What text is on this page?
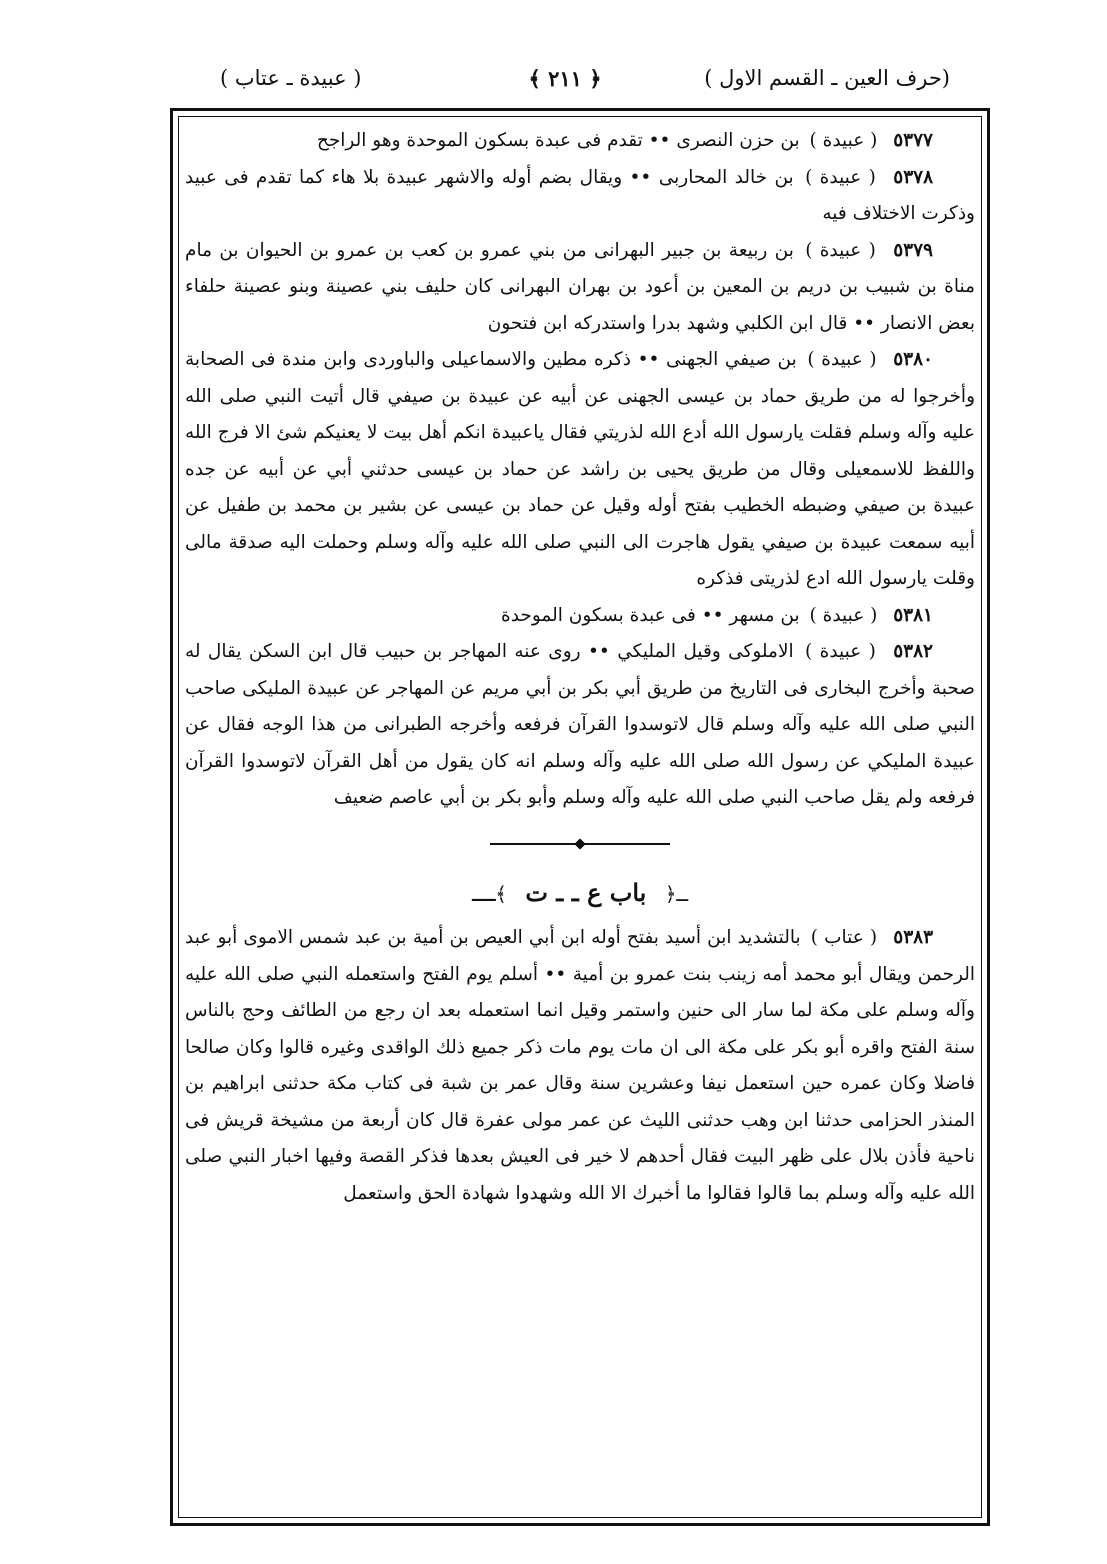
(حرف العين ـ القسم الاول )
﴿ ٢١١ ﴾
( عبيدة ـ عتاب )

٥٣٧٧ ( عبيدة ) بن حزن النصرى •• تقدم فى عبدة بسكون الموحدة وهو الراجح

٥٣٧٨ ( عبيدة ) بن خالد المحاربى •• ويقال بضم أوله والاشهر عبيدة بلا هاء كما تقدم فى عبيد وذكرت الاختلاف فيه

٥٣٧٩ ( عبيدة ) بن ربيعة بن جبير البهرانى من بني عمرو بن كعب بن عمرو بن الحيوان بن مام مناة بن شبيب بن دريم بن المعين بن أعود بن بهران البهرانى كان حليف بني عصينة وبنو عصينة حلفاء بعض الانصار •• قال ابن الكلبي وشهد بدرا واستدركه ابن فتحون

٥٣٨٠ ( عبيدة ) بن صيفي الجهنى •• ذكره مطين والاسماعيلى والباوردى وابن مندة فى الصحابة وأخرجوا له من طريق حماد بن عيسى الجهنى عن أبيه عن عبيدة بن صيفي قال أتيت النبي صلى الله عليه وآله وسلم فقلت يارسول الله أدع الله لذريتي فقال ياعبيدة انكم أهل بيت لا يعنيكم شئ الا فرج الله واللفظ للاسمعيلى وقال من طريق يحيى بن راشد عن حماد بن عيسى حدثني أبي عن أبيه عن جده عبيدة بن صيفي وضبطه الخطيب بفتح أوله وقيل عن حماد بن عيسى عن بشير بن محمد بن طفيل عن أبيه سمعت عبيدة بن صيفي يقول هاجرت الى النبي صلى الله عليه وآله وسلم وحملت اليه صدقة مالى وقلت يارسول الله ادع لذريتى فذكره

٥٣٨١ ( عبيدة ) بن مسهر •• فى عبدة بسكون الموحدة

٥٣٨٢ ( عبيدة ) الاملوكى وقيل المليكي •• روى عنه المهاجر بن حبيب قال ابن السكن يقال له صحبة وأخرج البخارى فى التاريخ من طريق أبي بكر بن أبي مريم عن المهاجر عن عبيدة المليكى صاحب النبي صلى الله عليه وآله وسلم قال لاتوسدوا القرآن فرفعه وأخرجه الطبرانى من هذا الوجه فقال عن عبيدة المليكي عن رسول الله صلى الله عليه وآله وسلم انه كان يقول من أهل القرآن لاتوسدوا القرآن فرفعه ولم يقل صاحب النبي صلى الله عليه وآله وسلم وأبو بكر بن أبي عاصم ضعيف

ــ﴿ باب ع ـ ـ ت ﴾ــ

٥٣٨٣ ( عتاب ) بالتشديد ابن أسيد بفتح أوله ابن أبي العيص بن أمية بن عبد شمس الاموى أبو عبد الرحمن ويقال أبو محمد أمه زينب بنت عمرو بن أمية •• أسلم يوم الفتح واستعمله النبي صلى الله عليه وآله وسلم على مكة لما سار الى حنين واستمر وقيل انما استعمله بعد ان رجع من الطائف وحج بالناس سنة الفتح واقره أبو بكر على مكة الى ان مات يوم مات ذكر جميع ذلك الواقدى وغيره قالوا وكان صالحا فاضلا وكان عمره حين استعمل نيفا وعشرين سنة وقال عمر بن شبة فى كتاب مكة حدثنى ابراهيم بن المنذر الحزامى حدثنا ابن وهب حدثنى الليث عن عمر مولى عفرة قال كان أربعة من مشيخة قريش فى ناحية فأذن بلال على ظهر البيت فقال أحدهم لا خير فى العيش بعدها فذكر القصة وفيها اخبار النبي صلى الله عليه وآله وسلم بما قالوا فقالوا ما أخبرك الا الله وشهدوا شهادة الحق واستعمل
